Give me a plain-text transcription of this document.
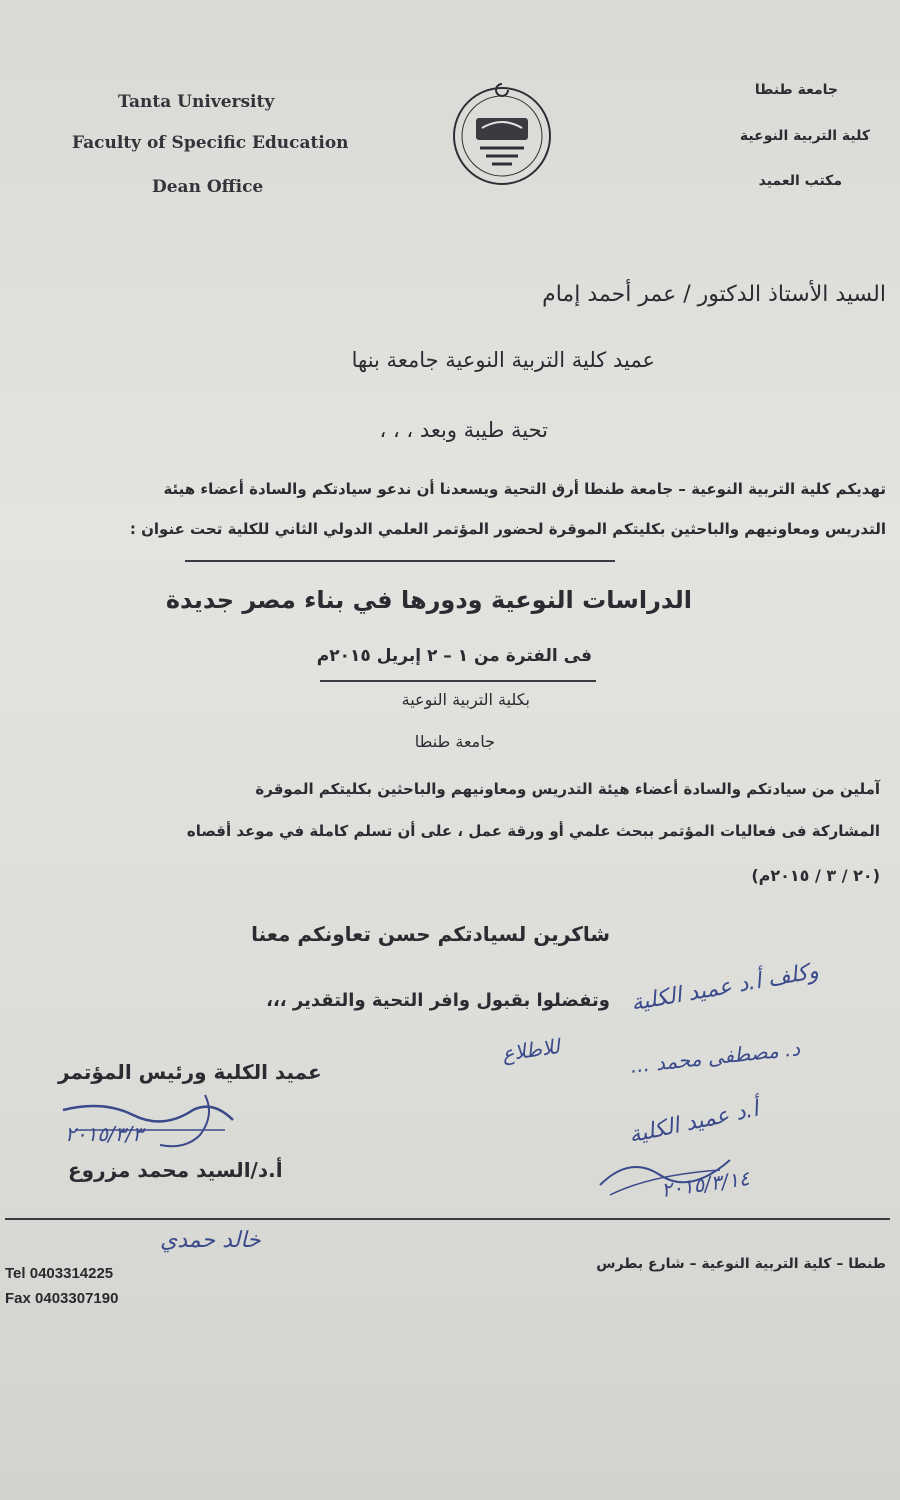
Tanta University
Faculty of Specific Education
Dean Office
جامعة طنطا
كلية التربية النوعية
مكتب العميد
السيد الأستاذ الدكتور / عمر أحمد إمام
عميد كلية التربية النوعية جامعة بنها
تحية طيبة وبعد ، ، ،
تهديكم كلية التربية النوعية – جامعة طنطا أرق التحية ويسعدنا أن ندعو سيادتكم والسادة أعضاء هيئة
التدريس ومعاونيهم والباحثين بكليتكم الموقرة لحضور المؤتمر العلمي الدولي الثاني للكلية تحت عنوان :
الدراسات النوعية ودورها في بناء مصر جديدة
فى الفترة من ١ – ٢ إبريل ٢٠١٥م
بكلية التربية النوعية
جامعة طنطا
آملين من سيادتكم والسادة أعضاء هيئة التدريس ومعاونيهم والباحثين بكليتكم الموقرة
المشاركة فى فعاليات المؤتمر ببحث علمي أو ورقة عمل ، على أن تسلم كاملة في موعد أقصاه
(٢٠ / ٣ / ٢٠١٥م)
شاكرين لسيادتكم حسن تعاونكم معنا
وتفضلوا بقبول وافر التحية والتقدير ،،، وكلف أ.د عميد الكلية
د. مصطفى محمد ...
للاطلاع
أ.د عميد الكلية
٢٠١٥/٣/١٤
عميد الكلية ورئيس المؤتمر
٢٠١٥/٣/٣
أ.د/السيد محمد مزروع
خالد حمدي
Tel 0403314225
Fax 0403307190
طنطا – كلية التربية النوعية – شارع بطرس
